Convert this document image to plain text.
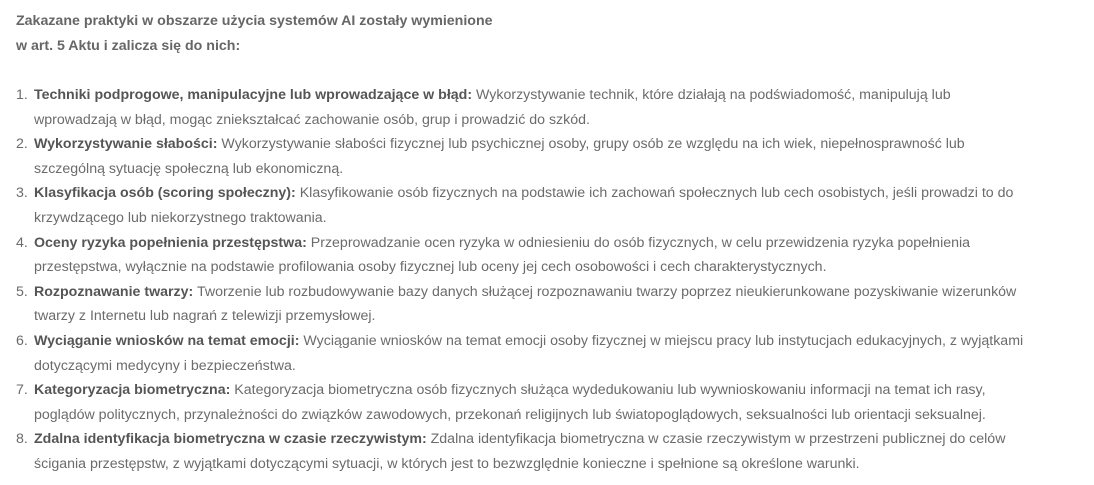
Zakazane praktyki w obszarze użycia systemów AI zostały wymienione
w art. 5 Aktu i zalicza się do nich:

1. Techniki podprogowe, manipulacyjne lub wprowadzające w błąd: Wykorzystywanie technik, które działają na podświadomość, manipulują lub
wprowadzają w błąd, mogąc zniekształcać zachowanie osób, grup i prowadzić do szkód.
2. Wykorzystywanie słabości: Wykorzystywanie słabości fizycznej lub psychicznej osoby, grupy osób ze względu na ich wiek, niepełnosprawność lub
szczególną sytuację społeczną lub ekonomiczną.
3. Klasyfikacja osób (scoring społeczny): Klasyfikowanie osób fizycznych na podstawie ich zachowań społecznych lub cech osobistych, jeśli prowadzi to do
krzywdzącego lub niekorzystnego traktowania.
4. Oceny ryzyka popełnienia przestępstwa: Przeprowadzanie ocen ryzyka w odniesieniu do osób fizycznych, w celu przewidzenia ryzyka popełnienia
przestępstwa, wyłącznie na podstawie profilowania osoby fizycznej lub oceny jej cech osobowości i cech charakterystycznych.
5. Rozpoznawanie twarzy: Tworzenie lub rozbudowywanie bazy danych służącej rozpoznawaniu twarzy poprzez nieukierunkowane pozyskiwanie wizerunków
twarzy z Internetu lub nagrań z telewizji przemysłowej.
6. Wyciąganie wniosków na temat emocji: Wyciąganie wniosków na temat emocji osoby fizycznej w miejscu pracy lub instytucjach edukacyjnych, z wyjątkami
dotyczącymi medycyny i bezpieczeństwa.
7. Kategoryzacja biometryczna: Kategoryzacja biometryczna osób fizycznych służąca wydedukowaniu lub wywnioskowaniu informacji na temat ich rasy,
poglądów politycznych, przynależności do związków zawodowych, przekonań religijnych lub światopoglądowych, seksualności lub orientacji seksualnej.
8. Zdalna identyfikacja biometryczna w czasie rzeczywistym: Zdalna identyfikacja biometryczna w czasie rzeczywistym w przestrzeni publicznej do celów
ścigania przestępstw, z wyjątkami dotyczącymi sytuacji, w których jest to bezwzględnie konieczne i spełnione są określone warunki.
